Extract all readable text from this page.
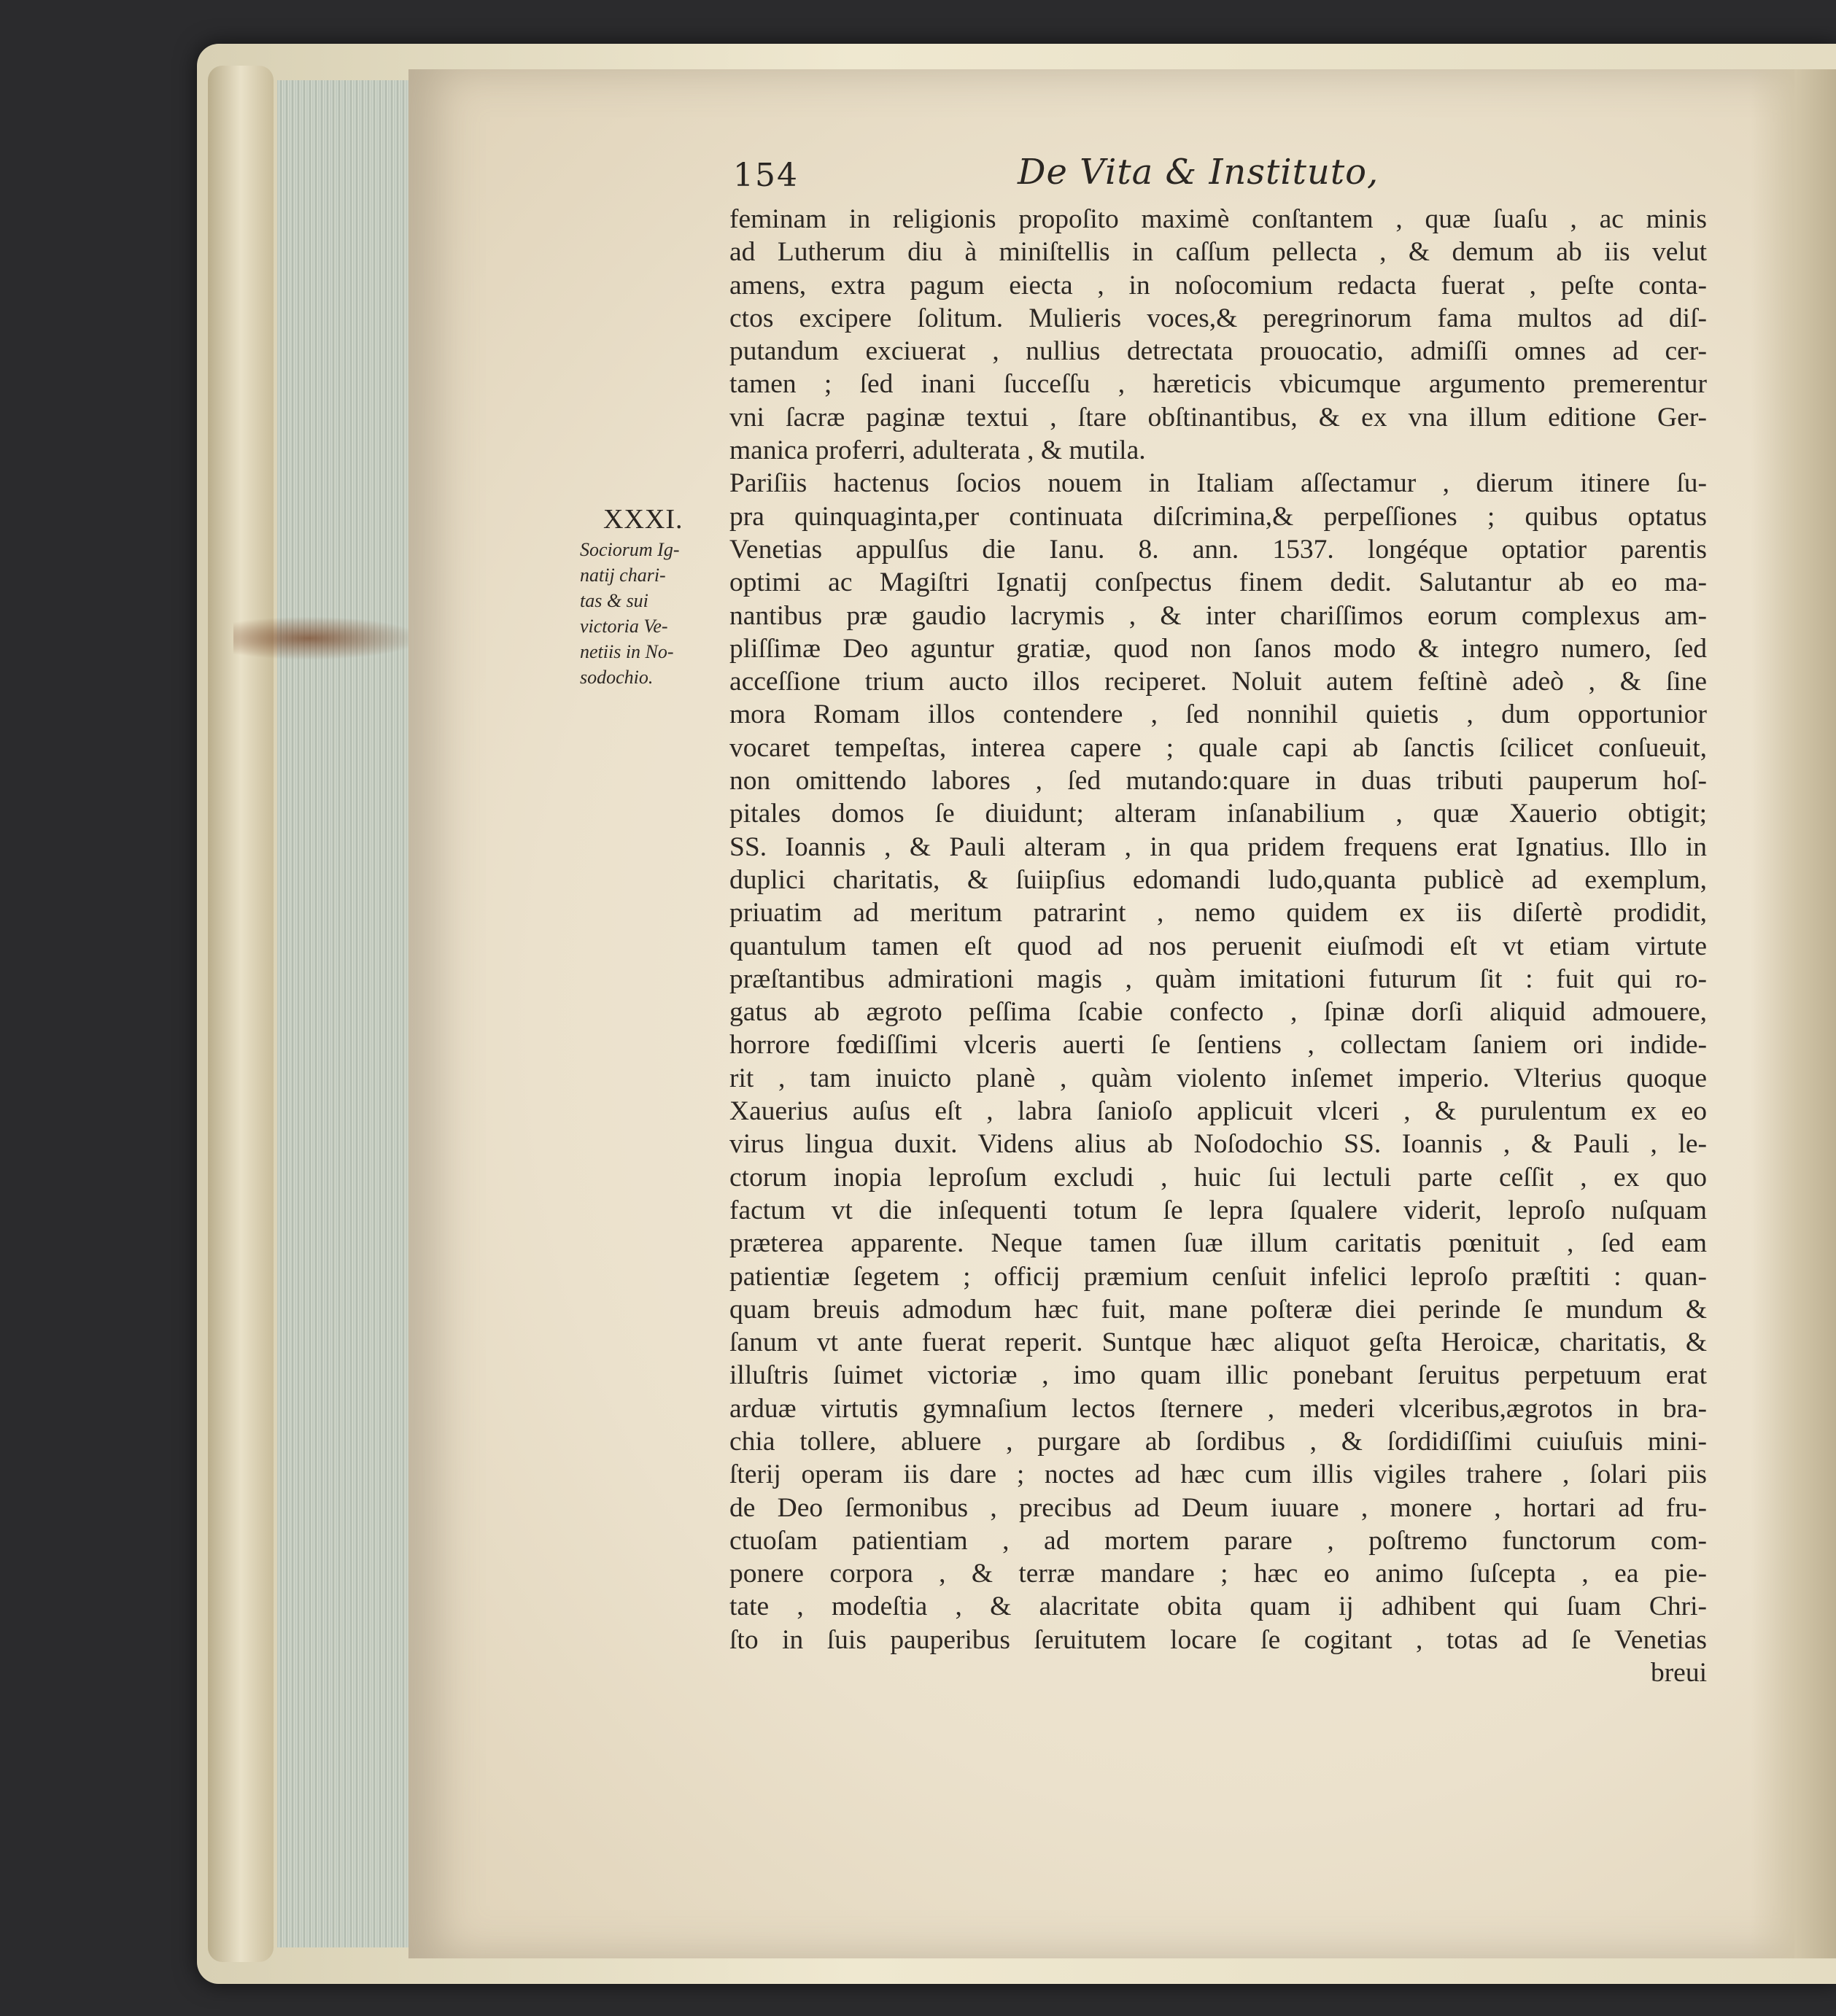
154	De Vita & Instituto,
XXXI.
Sociorum Ig-
natij chari-
tas & sui
victoria Ve-
netiis in No-
sodochio.
feminam in religionis propoſito maximè conſtantem , quæ ſuaſu , ac minis
ad Lutherum diu à miniſtellis in caſſum pellecta , & demum ab iis velut
amens, extra pagum eiecta , in noſocomium redacta fuerat , peſte conta-
ctos excipere ſolitum. Mulieris voces,& peregrinorum fama multos ad diſ-
putandum exciuerat , nullius detrectata prouocatio, admiſſi omnes ad cer-
tamen ; ſed inani ſucceſſu , hæreticis vbicumque argumento premerentur
vni ſacræ paginæ textui , ſtare obſtinantibus, & ex vna illum editione Ger-
manica proferri, adulterata , & mutila.
Pariſiis hactenus ſocios nouem in Italiam aſſectamur , dierum itinere ſu-
pra quinquaginta,per continuata diſcrimina,& perpeſſiones ; quibus optatus
Venetias appulſus die Ianu. 8. ann. 1537. longéque optatior parentis
optimi ac Magiſtri Ignatij conſpectus finem dedit. Salutantur ab eo ma-
nantibus præ gaudio lacrymis , & inter chariſſimos eorum complexus am-
pliſſimæ Deo aguntur gratiæ, quod non ſanos modo & integro numero, ſed
acceſſione trium aucto illos reciperet. Noluit autem feſtinè adeò , & ſine
mora Romam illos contendere , ſed nonnihil quietis , dum opportunior
vocaret tempeſtas, interea capere ; quale capi ab ſanctis ſcilicet conſueuit,
non omittendo labores , ſed mutando:quare in duas tributi pauperum hoſ-
pitales domos ſe diuidunt; alteram inſanabilium , quæ Xauerio obtigit;
SS. Ioannis , & Pauli alteram , in qua pridem frequens erat Ignatius. Illo in
duplici charitatis, & ſuiipſius edomandi ludo,quanta publicè ad exemplum,
priuatim ad meritum patrarint , nemo quidem ex iis diſertè prodidit,
quantulum tamen eſt quod ad nos peruenit eiuſmodi eſt vt etiam virtute
præſtantibus admirationi magis , quàm imitationi futurum ſit : fuit qui ro-
gatus ab ægroto peſſima ſcabie confecto , ſpinæ dorſi aliquid admouere,
horrore fœdiſſimi vlceris auerti ſe ſentiens , collectam ſaniem ori indide-
rit , tam inuicto planè , quàm violento inſemet imperio. Vlterius quoque
Xauerius auſus eſt , labra ſanioſo applicuit vlceri , & purulentum ex eo
virus lingua duxit. Videns alius ab Noſodochio SS. Ioannis , & Pauli , le-
ctorum inopia leproſum excludi , huic ſui lectuli parte ceſſit , ex quo
factum vt die inſequenti totum ſe lepra ſqualere viderit, leproſo nuſquam
præterea apparente. Neque tamen ſuæ illum caritatis pœnituit , ſed eam
patientiæ ſegetem ; officij præmium cenſuit infelici leproſo præſtiti : quan-
quam breuis admodum hæc fuit, mane poſteræ diei perinde ſe mundum &
ſanum vt ante fuerat reperit. Suntque hæc aliquot geſta Heroicæ, charitatis, &
illuſtris ſuimet victoriæ , imo quam illic ponebant ſeruitus perpetuum erat
arduæ virtutis gymnaſium lectos ſternere , mederi vlceribus,ægrotos in bra-
chia tollere, abluere , purgare ab ſordibus , & ſordidiſſimi cuiuſuis mini-
ſterij operam iis dare ; noctes ad hæc cum illis vigiles trahere , ſolari piis
de Deo ſermonibus , precibus ad Deum iuuare , monere , hortari ad fru-
ctuoſam patientiam , ad mortem parare , poſtremo functorum com-
ponere corpora , & terræ mandare ; hæc eo animo ſuſcepta , ea pie-
tate , modeſtia , & alacritate obita quam ij adhibent qui ſuam Chri-
ſto in ſuis pauperibus ſeruitutem locare ſe cogitant , totas ad ſe Venetias
breui
